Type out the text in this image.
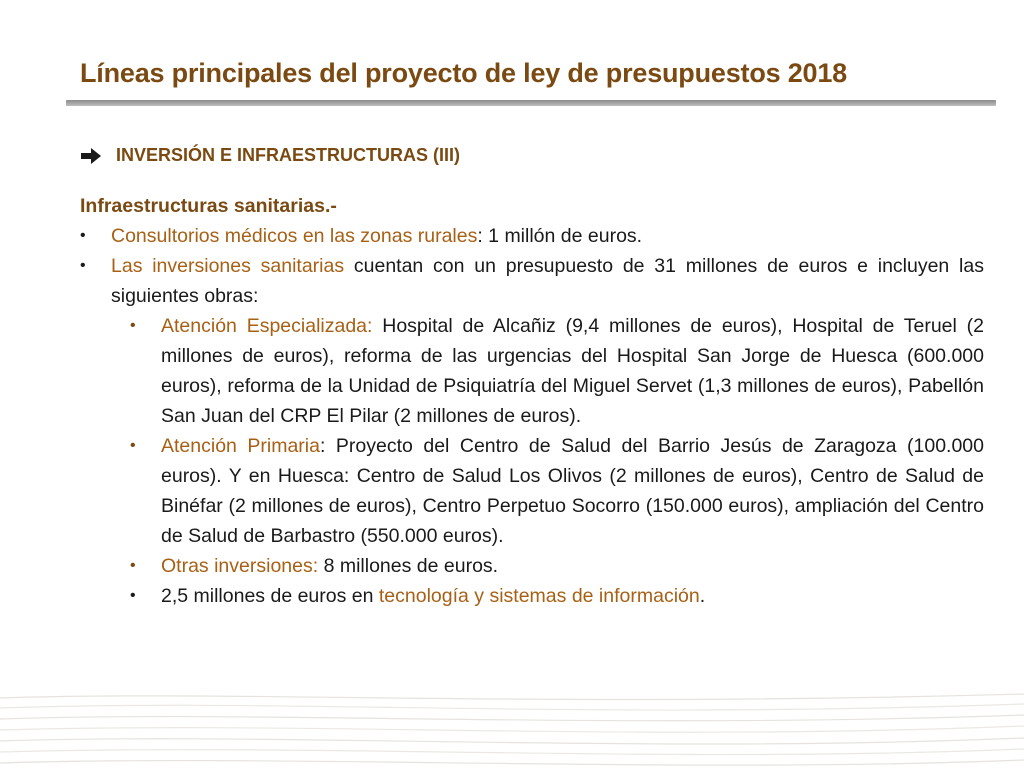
Líneas principales del proyecto de ley de presupuestos 2018
INVERSIÓN E INFRAESTRUCTURAS (III)

Infraestructuras sanitarias.-

•	Consultorios médicos en las zonas rurales: 1 millón de euros.
•	Las inversiones sanitarias cuentan con un presupuesto de 31 millones de euros e incluyen las siguientes obras:
•	Atención Especializada: Hospital de Alcañiz (9,4 millones de euros), Hospital de Teruel (2 millones de euros), reforma de las urgencias del Hospital San Jorge de Huesca (600.000 euros), reforma de la Unidad de Psiquiatría del Miguel Servet (1,3 millones de euros), Pabellón San Juan del CRP El Pilar (2 millones de euros).
•	Atención Primaria: Proyecto del Centro de Salud del Barrio Jesús de Zaragoza (100.000 euros). Y en Huesca: Centro de Salud Los Olivos (2 millones de euros), Centro de Salud de Binéfar (2 millones de euros), Centro Perpetuo Socorro (150.000 euros), ampliación del Centro de Salud de Barbastro (550.000 euros).
•	Otras inversiones: 8 millones de euros.
•	2,5 millones de euros en tecnología y sistemas de información.
